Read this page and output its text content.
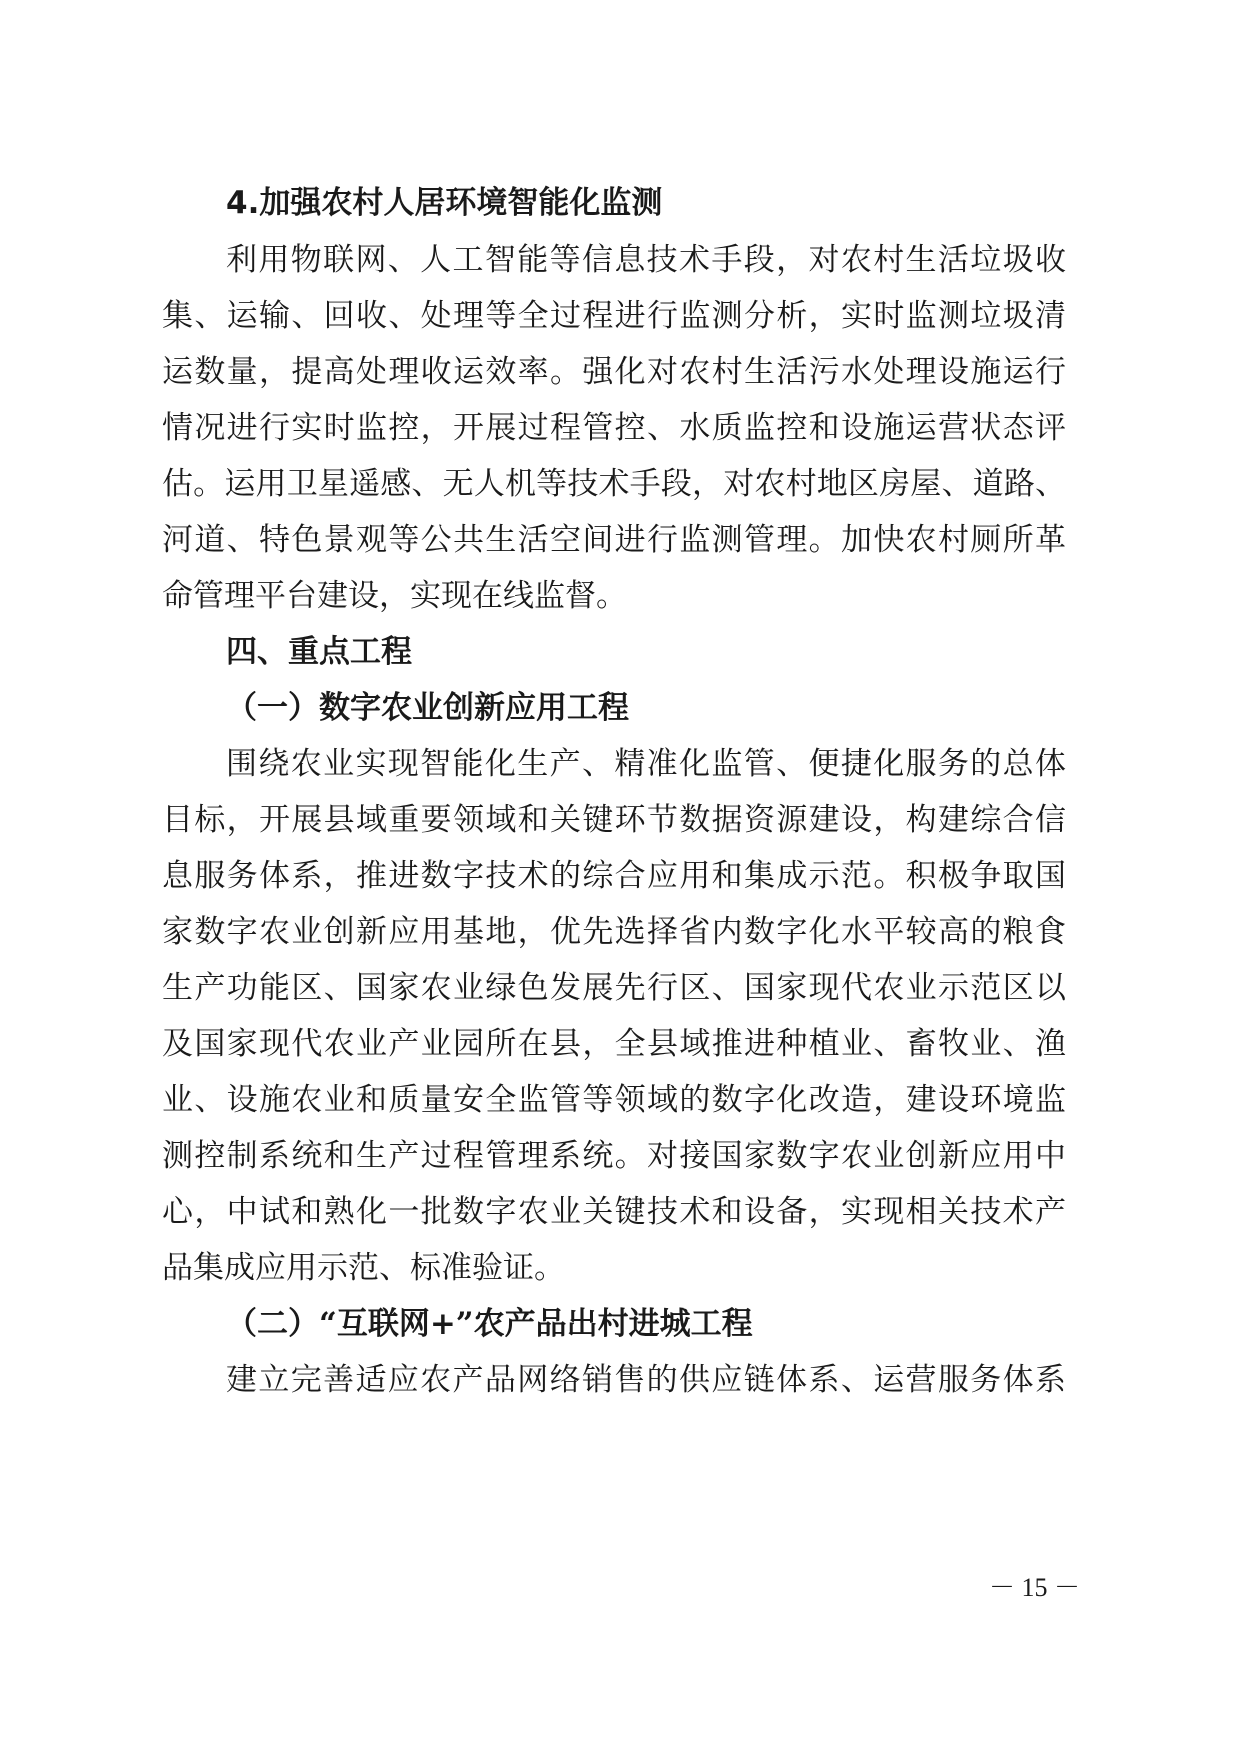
4.加强农村人居环境智能化监测
利用物联网、人工智能等信息技术手段，对农村生活垃圾收
集、运输、回收、处理等全过程进行监测分析，实时监测垃圾清
运数量，提高处理收运效率。强化对农村生活污水处理设施运行
情况进行实时监控，开展过程管控、水质监控和设施运营状态评
估。运用卫星遥感、无人机等技术手段，对农村地区房屋、道路、
河道、特色景观等公共生活空间进行监测管理。加快农村厕所革
命管理平台建设，实现在线监督。
四、重点工程
（一）数字农业创新应用工程
围绕农业实现智能化生产、精准化监管、便捷化服务的总体
目标，开展县域重要领域和关键环节数据资源建设，构建综合信
息服务体系，推进数字技术的综合应用和集成示范。积极争取国
家数字农业创新应用基地，优先选择省内数字化水平较高的粮食
生产功能区、国家农业绿色发展先行区、国家现代农业示范区以
及国家现代农业产业园所在县，全县域推进种植业、畜牧业、渔
业、设施农业和质量安全监管等领域的数字化改造，建设环境监
测控制系统和生产过程管理系统。对接国家数字农业创新应用中
心，中试和熟化一批数字农业关键技术和设备，实现相关技术产
品集成应用示范、标准验证。
（二）“互联网+”农产品出村进城工程
建立完善适应农产品网络销售的供应链体系、运营服务体系
－ 15 －
